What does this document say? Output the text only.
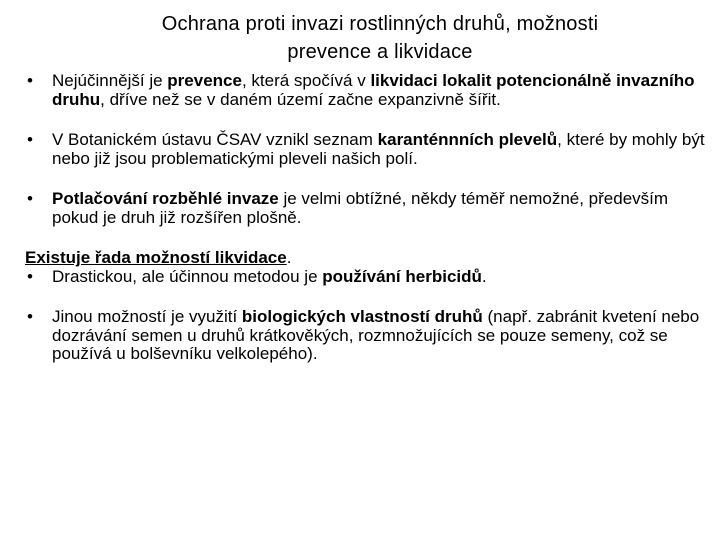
Ochrana proti invazi rostlinných druhů, možnosti
prevence a likvidace
• Nejúčinnější je prevence, která spočívá v likvidaci lokalit potencionálně invazního druhu, dříve než se v daném území začne expanzivně šířit.
• V Botanickém ústavu ČSAV vznikl seznam karanténnních plevelů, které by mohly být nebo již jsou problematickými pleveli našich polí.
• Potlačování rozběhlé invaze je velmi obtížné, někdy téměř nemožné, především pokud je druh již rozšířen plošně.
Existuje řada možností likvidace.
• Drastickou, ale účinnou metodou je používání herbicidů.
• Jinou možností je využití biologických vlastností druhů (např. zabránit kvetení nebo dozrávání semen u druhů krátkověkých, rozmnožujících se pouze semeny, což se používá u bolševníku velkolepého).
